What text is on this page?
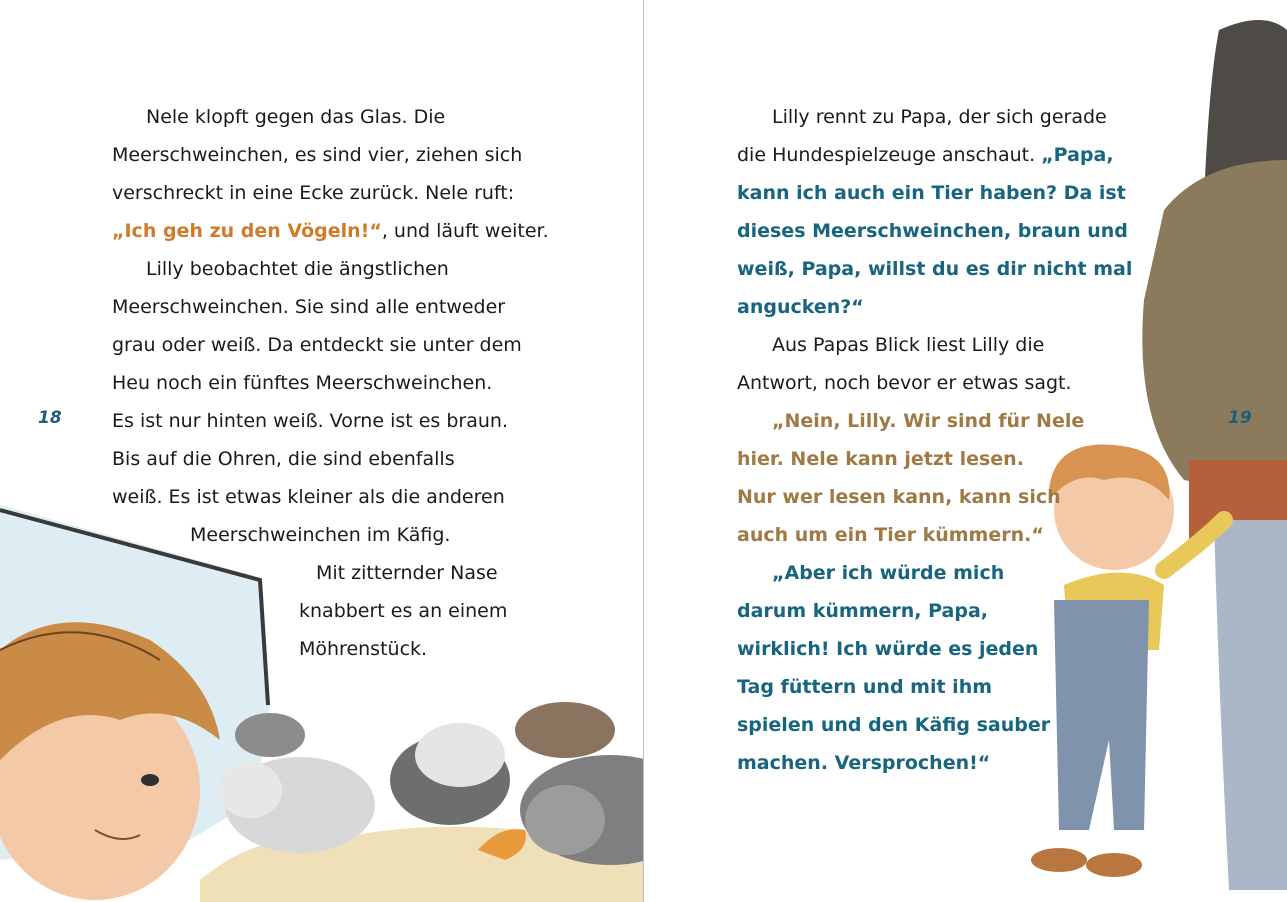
18

Nele klopft gegen das Glas. Die

Meerschweinchen, es sind vier, ziehen sich

verschreckt in eine Ecke zurück. Nele ruft:

„Ich geh zu den Vögeln!“, und läuft weiter.

Lilly beobachtet die ängstlichen

Meerschweinchen. Sie sind alle entweder

grau oder weiß. Da entdeckt sie unter dem

Heu noch ein fünftes Meerschweinchen.

Es ist nur hinten weiß. Vorne ist es braun.

Bis auf die Ohren, die sind ebenfalls

weiß. Es ist etwas kleiner als die anderen

Meerschweinchen im Käfig.

Mit zitternder Nase

knabbert es an einem

Möhrenstück.

19

Lilly rennt zu Papa, der sich gerade

die Hundespielzeuge anschaut. „Papa,

kann ich auch ein Tier haben? Da ist

dieses Meerschweinchen, braun und

weiß, Papa, willst du es dir nicht mal

angucken?“

Aus Papas Blick liest Lilly die

Antwort, noch bevor er etwas sagt.

„Nein, Lilly. Wir sind für Nele

hier. Nele kann jetzt lesen.

Nur wer lesen kann, kann sich

auch um ein Tier kümmern.“

„Aber ich würde mich

darum kümmern, Papa,

wirklich! Ich würde es jeden

Tag füttern und mit ihm

spielen und den Käfig sauber

machen. Versprochen!“
